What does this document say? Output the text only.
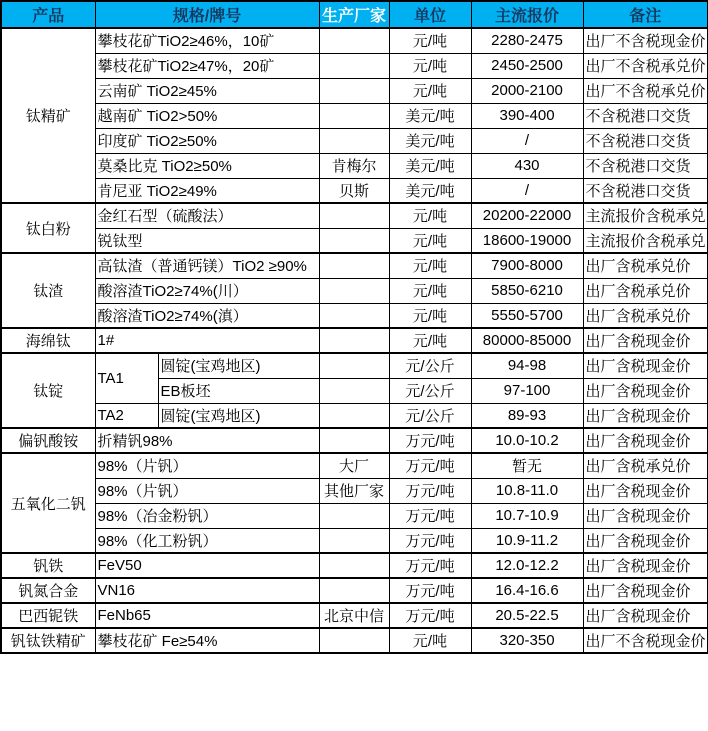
产品	规格/牌号		生产厂家	单位	主流报价	备注
钛精矿	攀枝花矿TiO2≥46%，10矿			元/吨	2280-2475	出厂不含税现金价
	攀枝花矿TiO2≥47%，20矿			元/吨	2450-2500	出厂不含税承兑价
	云南矿 TiO2≥45%			元/吨	2000-2100	出厂不含税承兑价
	越南矿 TiO2>50%			美元/吨	390-400	不含税港口交货
	印度矿 TiO2≥50%			美元/吨	/	不含税港口交货
	莫桑比克 TiO2≥50%		肯梅尔	美元/吨	430	不含税港口交货
	肯尼亚 TiO2≥49%		贝斯	美元/吨	/	不含税港口交货
钛白粉	金红石型（硫酸法）			元/吨	20200-22000	主流报价含税承兑
	锐钛型			元/吨	18600-19000	主流报价含税承兑
钛渣	高钛渣（普通钙镁）TiO2 ≥90%			元/吨	7900-8000	出厂含税承兑价
	酸溶渣TiO2≥74%(川）			元/吨	5850-6210	出厂含税承兑价
	酸溶渣TiO2≥74%(滇）			元/吨	5550-5700	出厂含税承兑价
海绵钛	1#			元/吨	80000-85000	出厂含税现金价
钛锭	TA1	圆锭(宝鸡地区)		元/公斤	94-98	出厂含税现金价
		EB板坯		元/公斤	97-100	出厂含税现金价
	TA2	圆锭(宝鸡地区)		元/公斤	89-93	出厂含税现金价
偏钒酸铵	折精钒98%			万元/吨	10.0-10.2	出厂含税现金价
五氧化二钒	98%（片钒）		大厂	万元/吨	暂无	出厂含税承兑价
	98%（片钒）		其他厂家	万元/吨	10.8-11.0	出厂含税现金价
	98%（冶金粉钒）			万元/吨	10.7-10.9	出厂含税现金价
	98%（化工粉钒）			万元/吨	10.9-11.2	出厂含税现金价
钒铁	FeV50			万元/吨	12.0-12.2	出厂含税现金价
钒氮合金	VN16			万元/吨	16.4-16.6	出厂含税现金价
巴西铌铁	FeNb65		北京中信	万元/吨	20.5-22.5	出厂含税现金价
钒钛铁精矿	攀枝花矿 Fe≥54%			元/吨	320-350	出厂不含税现金价
